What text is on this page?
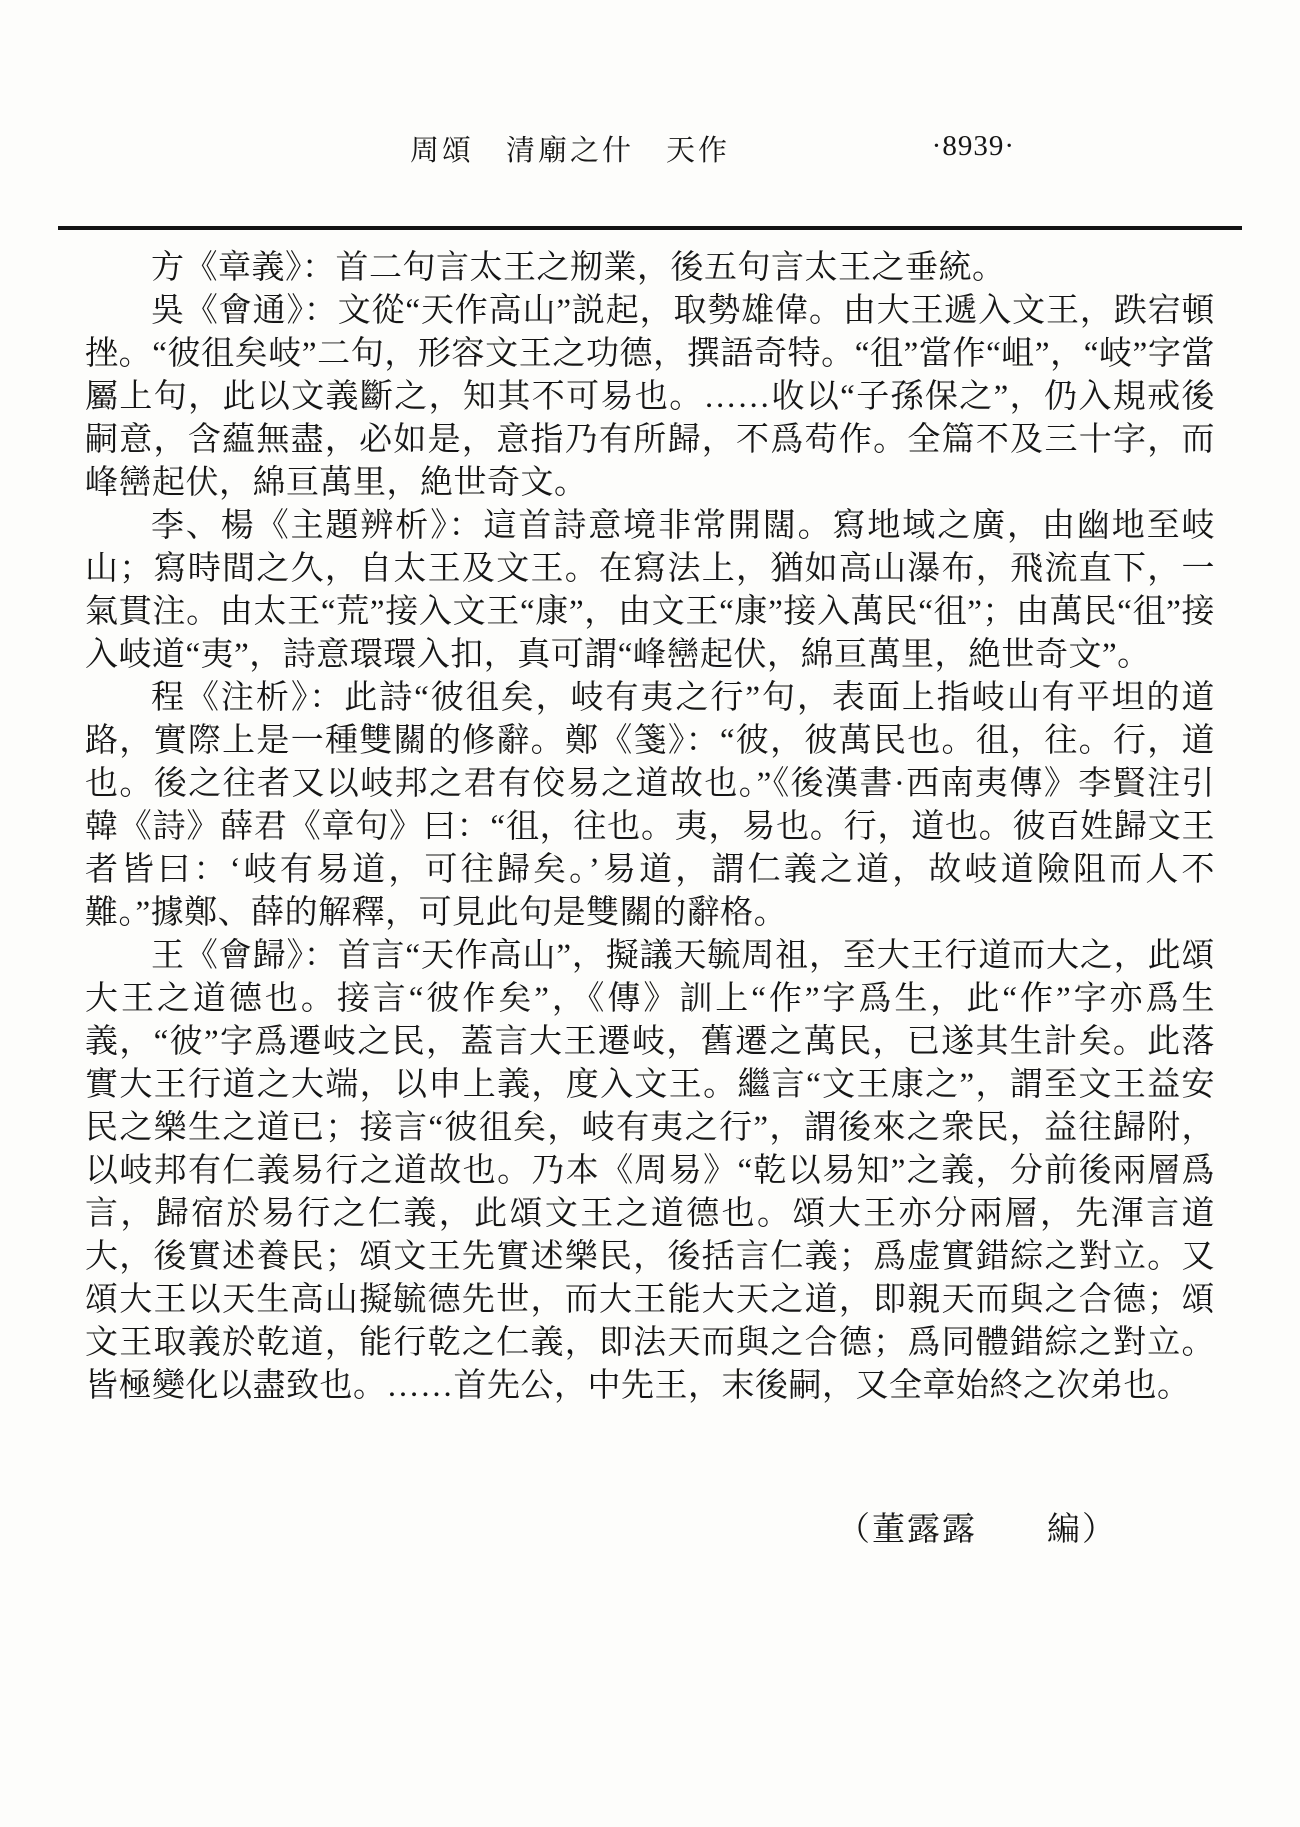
周頌　清廟之什　天作	·8939·

方《章義》：首二句言太王之剏業，後五句言太王之垂統。

吳《會通》：文從“天作高山”説起，取勢雄偉。由大王遞入文王，跌宕頓挫。“彼徂矣岐”二句，形容文王之功德，撰語奇特。“徂”當作“岨”，“岐”字當屬上句，此以文義斷之，知其不可易也。……收以“子孫保之”，仍入規戒後嗣意，含藴無盡，必如是，意指乃有所歸，不爲苟作。全篇不及三十字，而峰巒起伏，綿亘萬里，絶世奇文。

李、楊《主題辨析》：這首詩意境非常開闊。寫地域之廣，由幽地至岐山；寫時間之久，自太王及文王。在寫法上，猶如高山瀑布，飛流直下，一氣貫注。由太王“荒”接入文王“康”，由文王“康”接入萬民“徂”；由萬民“徂”接入岐道“夷”，詩意環環入扣，真可謂“峰巒起伏，綿亘萬里，絶世奇文”。

程《注析》：此詩“彼徂矣，岐有夷之行”句，表面上指岐山有平坦的道路，實際上是一種雙關的修辭。鄭《箋》：“彼，彼萬民也。徂，往。行，道也。後之往者又以岐邦之君有佼易之道故也。”《後漢書·西南夷傳》李賢注引韓《詩》薛君《章句》曰：“徂，往也。夷，易也。行，道也。彼百姓歸文王者皆曰：‘岐有易道，可往歸矣。’易道，謂仁義之道，故岐道險阻而人不難。”據鄭、薛的解釋，可見此句是雙關的辭格。

王《會歸》：首言“天作高山”，擬議天毓周祖，至大王行道而大之，此頌大王之道德也。接言“彼作矣”，《傳》訓上“作”字爲生，此“作”字亦爲生義，“彼”字爲遷岐之民，蓋言大王遷岐，舊遷之萬民，已遂其生計矣。此落實大王行道之大端，以申上義，度入文王。繼言“文王康之”，謂至文王益安民之樂生之道已；接言“彼徂矣，岐有夷之行”，謂後來之衆民，益往歸附，以岐邦有仁義易行之道故也。乃本《周易》“乾以易知”之義，分前後兩層爲言，歸宿於易行之仁義，此頌文王之道德也。頌大王亦分兩層，先渾言道大，後實述養民；頌文王先實述樂民，後括言仁義；爲虚實錯綜之對立。又頌大王以天生高山擬毓德先世，而大王能大天之道，即親天而與之合德；頌文王取義於乾道，能行乾之仁義，即法天而與之合德；爲同體錯綜之對立。皆極變化以盡致也。……首先公，中先王，末後嗣，又全章始終之次弟也。

（董露露　　編）
